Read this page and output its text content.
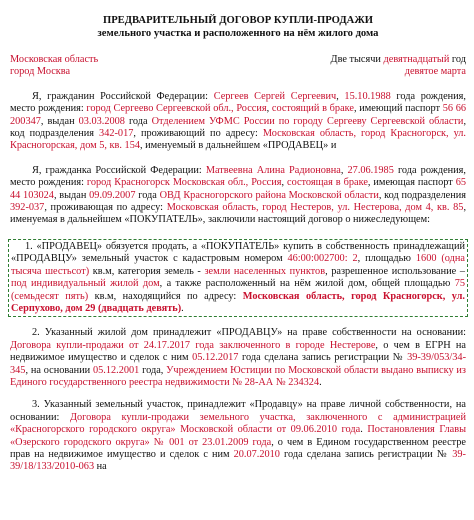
ПРЕДВАРИТЕЛЬНЫЙ ДОГОВОР КУПЛИ-ПРОДАЖИ
земельного участка и расположенного на нём жилого дома
Московская область
город Москва
Две тысячи девятнадцатый год
девятое марта

Я, гражданин Российской Федерации: Сергеев Сергей Сергеевич, 15.10.1988 года рождения, место рождения: город Сергеево Сергеевской обл., Россия, состоящий в браке, имеющий паспорт 56 66 200347, выдан 03.03.2008 года Отделением УФМС России по городу Сергееву Сергеевской области, код подразделения 342-017, проживающий по адресу: Московская область, город Красногорск, ул. Красногорская, дом 5, кв. 154, именуемый в дальнейшем «ПРОДАВЕЦ» и

Я, гражданка Российской Федерации: Матвеевна Алина Радионовна, 27.06.1985 года рождения, место рождения: город Красногорск Московская обл., Россия, состоящая в браке, имеющая паспорт 65 44 103024, выдан 09.09.2007 года ОВД Красногорского района Московской области, код подразделения 392-037, проживающая по адресу: Московская область, город Нестеров, ул. Нестерова, дом 4, кв. 85, именуемая в дальнейшем «ПОКУПАТЕЛЬ», заключили настоящий договор о нижеследующем:

1. «ПРОДАВЕЦ» обязуется продать, а «ПОКУПАТЕЛЬ» купить в собственность принадлежащий «ПРОДАВЦУ» земельный участок с кадастровым номером 46:00:002700: 2, площадью 1600 (одна тысяча шестьсот) кв.м, категория земель - земли населенных пунктов, разрешенное использование – под индивидуальный жилой дом, а также расположенный на нём жилой дом, общей площадью 75 (семьдесят пять) кв.м, находящийся по адресу: Московская область, город Красногорск, ул. Серпухово, дом 29 (двадцать девять).

2. Указанный жилой дом принадлежит «ПРОДАВЦУ» на праве собственности на основании: Договора купли-продажи от 24.17.2017 года заключенного в городе Нестерове, о чем в ЕГРН на недвижимое имущество и сделок с ним 05.12.2017 года сделана запись регистрации № 39-39/053/34-345, на основании 05.12.2001 года, Учреждением Юстиции по Московской области выдано выписку из Единого государственного реестра недвижимости № 28-АА № 234324.

3. Указанный земельный участок, принадлежит «Продавцу» на праве личной собственности, на основании: Договора купли-продажи земельного участка, заключенного с администрацией «Красногорского городского округа» Московской области от 09.06.2010 года. Постановления Главы «Озерского городского округа» № 001 от 23.01.2009 года, о чем в Едином государственном реестре прав на недвижимое имущество и сделок с ним 20.07.2010 года сделана запись регистрации № 39-39/18/133/2010-063 на
